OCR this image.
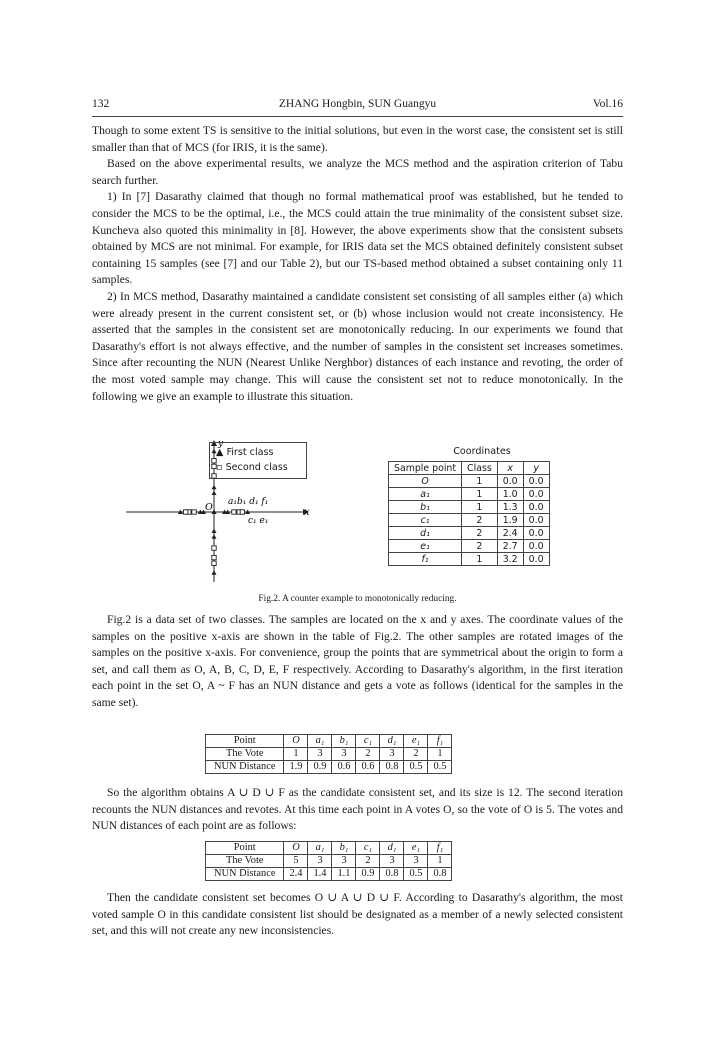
132	ZHANG Hongbin, SUN Guangyu	Vol.16

Though to some extent TS is sensitive to the initial solutions, but even in the worst case, the consistent set is still smaller than that of MCS (for IRIS, it is the same).

Based on the above experimental results, we analyze the MCS method and the aspiration criterion of Tabu search further.

1) In [7] Dasarathy claimed that though no formal mathematical proof was established, but he tended to consider the MCS to be the optimal, i.e., the MCS could attain the true minimality of the consistent subset size. Kuncheva also quoted this minimality in [8]. However, the above experiments show that the consistent subsets obtained by MCS are not minimal. For example, for IRIS data set the MCS obtained definitely consistent subset containing 15 samples (see [7] and our Table 2), but our TS-based method obtained a subset containing only 11 samples.

2) In MCS method, Dasarathy maintained a candidate consistent set consisting of all samples either (a) which were already present in the current consistent set, or (b) whose inclusion would not create inconsistency. He asserted that the samples in the consistent set are monotonically reducing. In our experiments we found that Dasarathy's effort is not always effective, and the number of samples in the consistent set increases sometimes. Since after recounting the NUN (Nearest Unlike Nerghbor) distances of each instance and revoting, the order of the most voted sample may change. This will cause the consistent set not to reduce monotonically. In the following we give an example to illustrate this situation.

x
y
O a₁b₁ d₁ f₁
c₁ e₁
▲ First class
▫ Second class
Coordinates
Sample point	Class	x	y
O	1	0.0	0.0
a₁	1	1.0	0.0
b₁	1	1.3	0.0
c₁	2	1.9	0.0
d₁	2	2.4	0.0
e₁	2	2.7	0.0
f₁	1	3.2	0.0
Fig.2. A counter example to monotonically reducing.

Fig.2 is a data set of two classes. The samples are located on the x and y axes. The coordinate values of the samples on the positive x-axis are shown in the table of Fig.2. The other samples are rotated images of the samples on the positive x-axis. For convenience, group the points that are symmetrical about the origin to form a set, and call them as O, A, B, C, D, E, F respectively. According to Dasarathy's algorithm, in the first iteration each point in the set O, A ~ F has an NUN distance and gets a vote as follows (identical for the samples in the same set).

Point	O	a₁	b₁	c₁	d₁	e₁	f₁
The Vote	1	3	3	2	3	2	1
NUN Distance	1.9	0.9	0.6	0.6	0.8	0.5	0.5

So the algorithm obtains A ∪ D ∪ F as the candidate consistent set, and its size is 12. The second iteration recounts the NUN distances and revotes. At this time each point in A votes O, so the vote of O is 5. The votes and NUN distances of each point are as follows:

Point	O	a₁	b₁	c₁	d₁	e₁	f₁
The Vote	5	3	3	2	3	3	1
NUN Distance	2.4	1.4	1.1	0.9	0.8	0.5	0.8

Then the candidate consistent set becomes O ∪ A ∪ D ∪ F. According to Dasarathy's algorithm, the most voted sample O in this candidate consistent list should be designated as a member of a newly selected consistent set, and this will not create any new inconsistencies.
